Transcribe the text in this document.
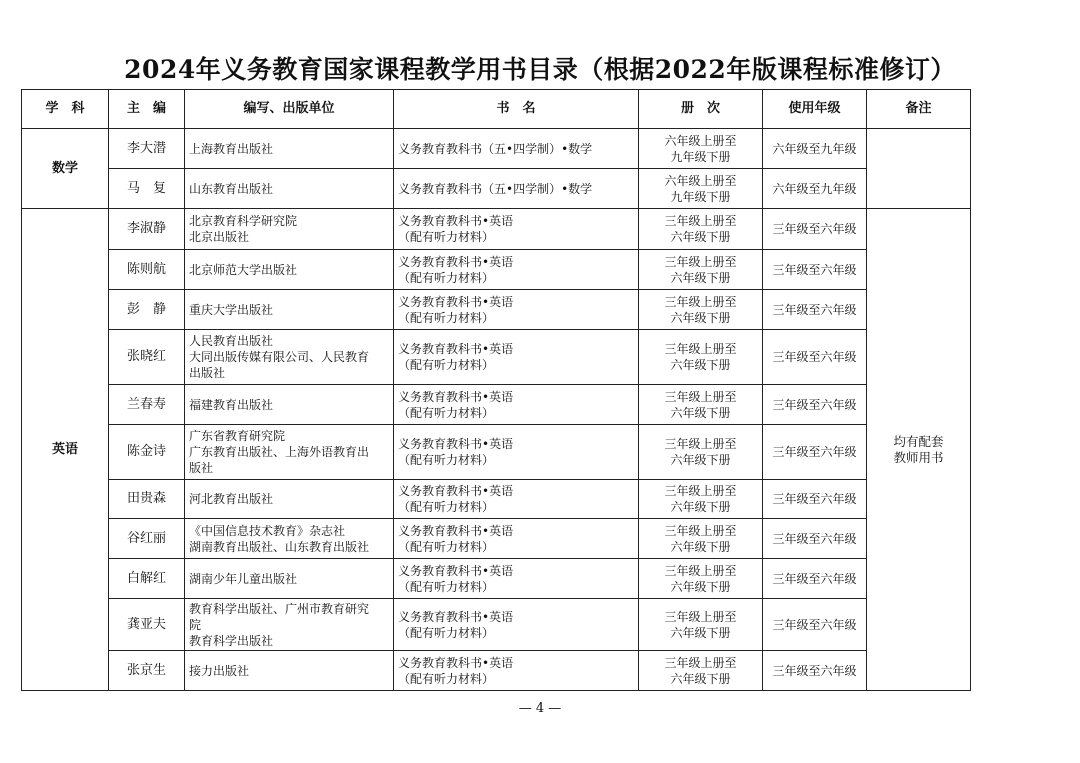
2024年义务教育国家课程教学用书目录（根据2022年版课程标准修订）
学　科	主　编	编写、出版单位	书　名	册　次	使用年级	备注
数学	李大潜	上海教育出版社	义务教育教科书（五•四学制）•数学	六年级上册至
九年级下册	六年级至九年级	
	马　复	山东教育出版社	义务教育教科书（五•四学制）•数学	六年级上册至
九年级下册	六年级至九年级	
英语	李淑静	北京教育科学研究院
北京出版社	义务教育教科书•英语
（配有听力材料）	三年级上册至
六年级下册	三年级至六年级	均有配套
教师用书

	陈则航	北京师范大学出版社	义务教育教科书•英语
（配有听力材料）	三年级上册至
六年级下册	三年级至六年级	
	彭　静	重庆大学出版社	义务教育教科书•英语
（配有听力材料）	三年级上册至
六年级下册	三年级至六年级	
	张晓红	人民教育出版社
大同出版传媒有限公司、人民教育
出版社	义务教育教科书•英语
（配有听力材料）	三年级上册至
六年级下册	三年级至六年级	
	兰春寿	福建教育出版社	义务教育教科书•英语
（配有听力材料）	三年级上册至
六年级下册	三年级至六年级	
	陈金诗	广东省教育研究院
广东教育出版社、上海外语教育出
版社	义务教育教科书•英语
（配有听力材料）	三年级上册至
六年级下册	三年级至六年级	
	田贵森	河北教育出版社	义务教育教科书•英语
（配有听力材料）	三年级上册至
六年级下册	三年级至六年级	
	谷红丽	《中国信息技术教育》杂志社
湖南教育出版社、山东教育出版社	义务教育教科书•英语
（配有听力材料）	三年级上册至
六年级下册	三年级至六年级	
	白解红	湖南少年儿童出版社	义务教育教科书•英语
（配有听力材料）	三年级上册至
六年级下册	三年级至六年级	
	龚亚夫	教育科学出版社、广州市教育研究
院
教育科学出版社	义务教育教科书•英语
（配有听力材料）	三年级上册至
六年级下册	三年级至六年级	
	张京生	接力出版社	义务教育教科书•英语
（配有听力材料）	三年级上册至
六年级下册	三年级至六年级	
— 4 —
